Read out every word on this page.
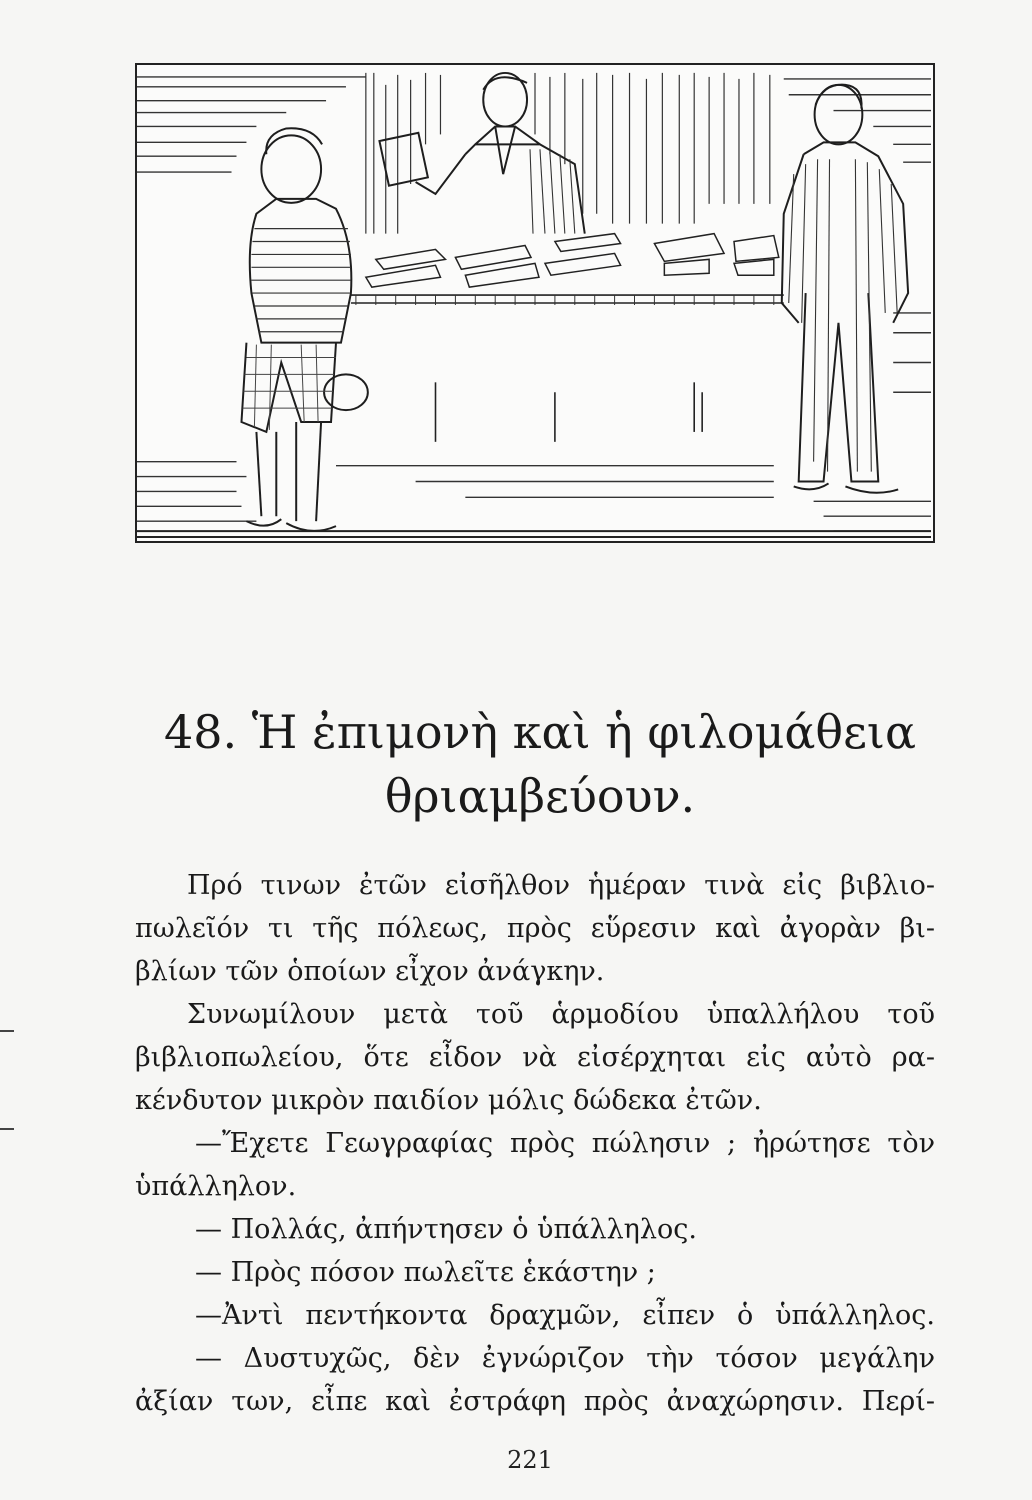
48. Ἡ ἐπιμονὴ καὶ ἡ φιλομάθεια
θριαμβεύουν.
Πρό τινων ἐτῶν εἰσῆλθον ἡμέραν τινὰ εἰς βιβλιο-
πωλεῖόν τι τῆς πόλεως, πρὸς εὕρεσιν καὶ ἀγορὰν βι-
βλίων τῶν ὁποίων εἶχον ἀνάγκην.
Συνωμίλουν μετὰ τοῦ ἁρμοδίου ὑπαλλήλου τοῦ
βιβλιοπωλείου, ὅτε εἶδον νὰ εἰσέρχηται εἰς αὐτὸ ρα-
κένδυτον μικρὸν παιδίον μόλις δώδεκα ἐτῶν.
—Ἔχετε Γεωγραφίας πρὸς πώλησιν ; ἠρώτησε τὸν
ὑπάλληλον.
— Πολλάς, ἀπήντησεν ὁ ὑπάλληλος.
— Πρὸς πόσον πωλεῖτε ἑκάστην ;
—Ἀντὶ πεντήκοντα δραχμῶν, εἶπεν ὁ ὑπάλληλος.
— Δυστυχῶς, δὲν ἐγνώριζον τὴν τόσον μεγάλην
ἀξίαν των, εἶπε καὶ ἐστράφη πρὸς ἀναχώρησιν. Περί-
221
